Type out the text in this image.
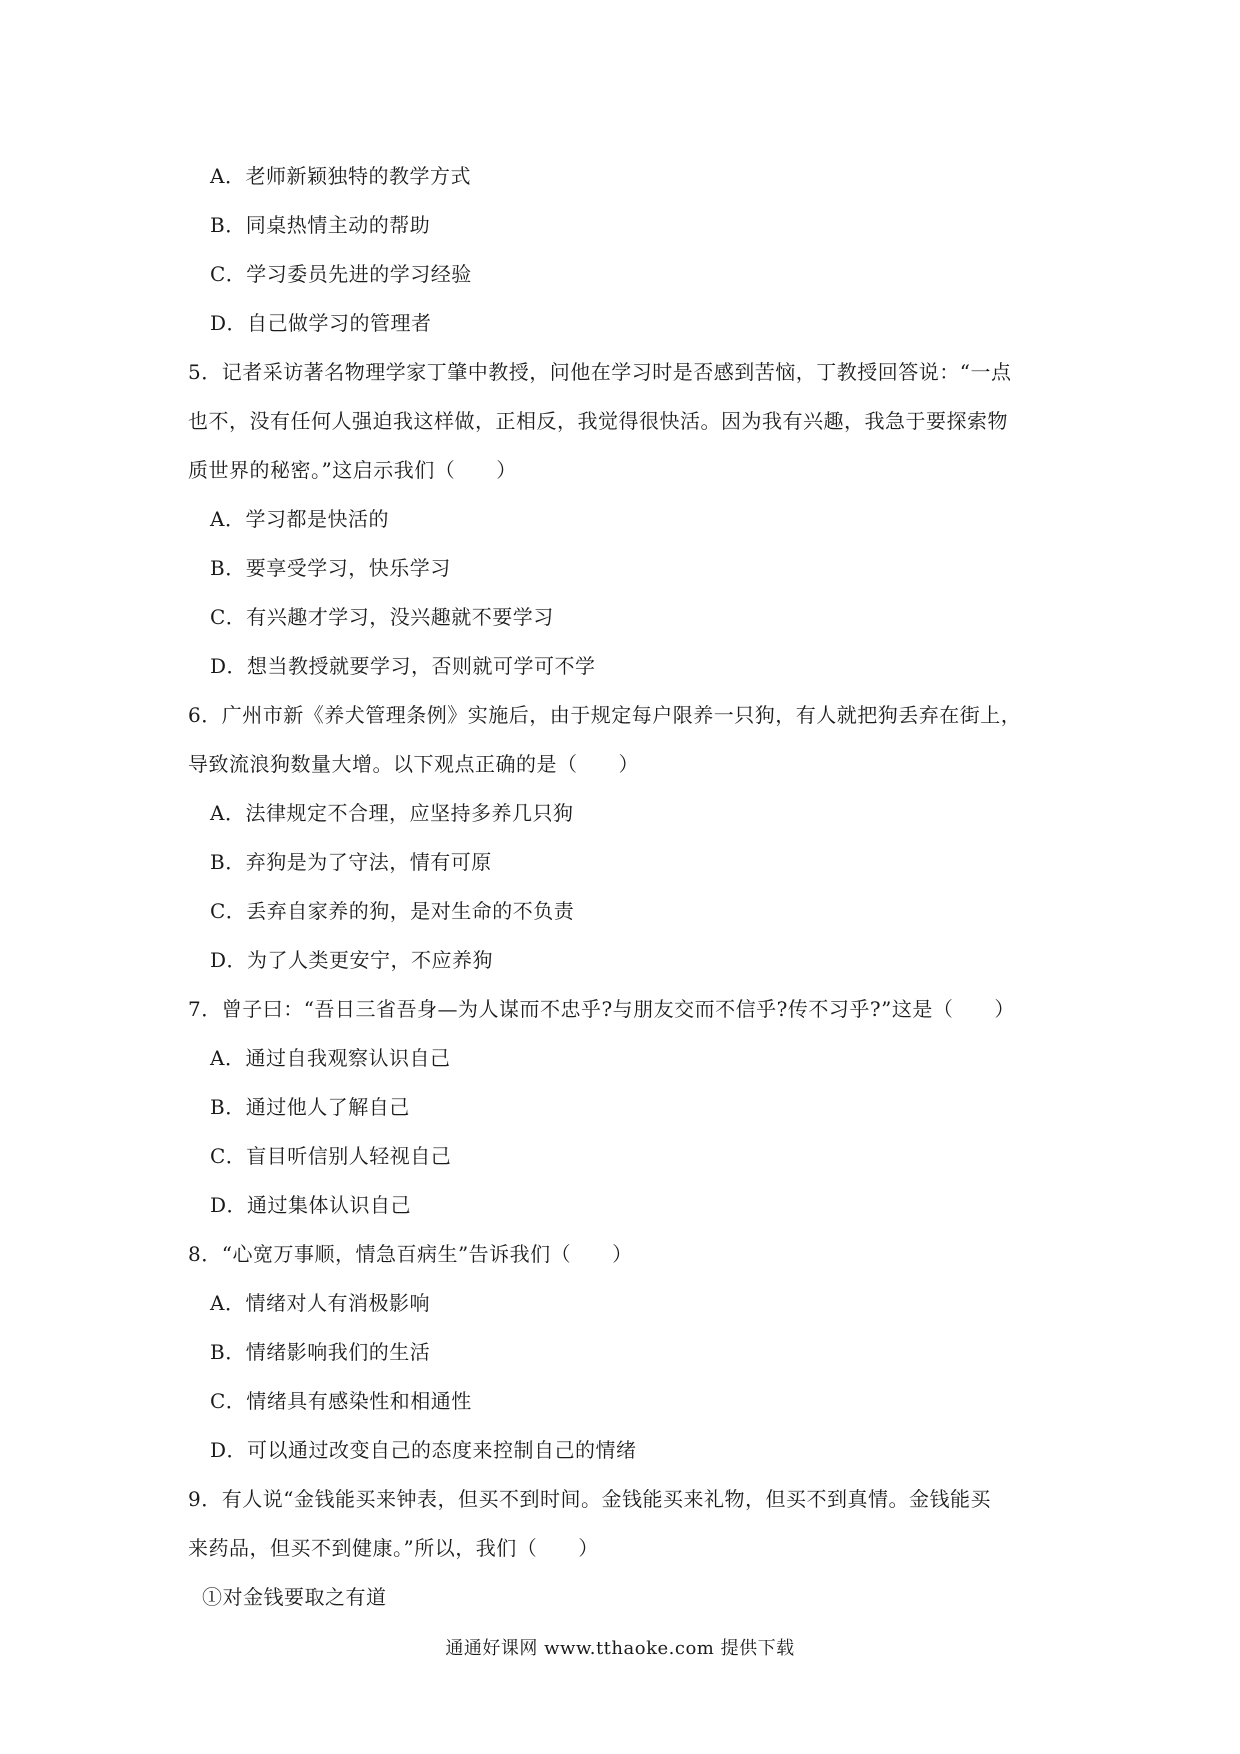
A．老师新颖独特的教学方式
B．同桌热情主动的帮助
C．学习委员先进的学习经验
D．自己做学习的管理者
5．记者采访著名物理学家丁肇中教授，问他在学习时是否感到苦恼，丁教授回答说：“一点
也不，没有任何人强迫我这样做，正相反，我觉得很快活。因为我有兴趣，我急于要探索物
质世界的秘密。”这启示我们（　　）
A．学习都是快活的
B．要享受学习，快乐学习
C．有兴趣才学习，没兴趣就不要学习
D．想当教授就要学习，否则就可学可不学
6．广州市新《养犬管理条例》实施后，由于规定每户限养一只狗，有人就把狗丢弃在街上，
导致流浪狗数量大增。以下观点正确的是（　　）
A．法律规定不合理，应坚持多养几只狗
B．弃狗是为了守法，情有可原
C．丢弃自家养的狗，是对生命的不负责
D．为了人类更安宁，不应养狗
7．曾子曰：“吾日三省吾身—为人谋而不忠乎?与朋友交而不信乎?传不习乎?”这是（　　）
A．通过自我观察认识自己
B．通过他人了解自己
C．盲目听信别人轻视自己
D．通过集体认识自己
8．“心宽万事顺，情急百病生”告诉我们（　　）
A．情绪对人有消极影响
B．情绪影响我们的生活
C．情绪具有感染性和相通性
D．可以通过改变自己的态度来控制自己的情绪
9．有人说“金钱能买来钟表，但买不到时间。金钱能买来礼物，但买不到真情。金钱能买
来药品，但买不到健康。”所以，我们（　　）
①对金钱要取之有道
通通好课网 www.tthaoke.com 提供下载
